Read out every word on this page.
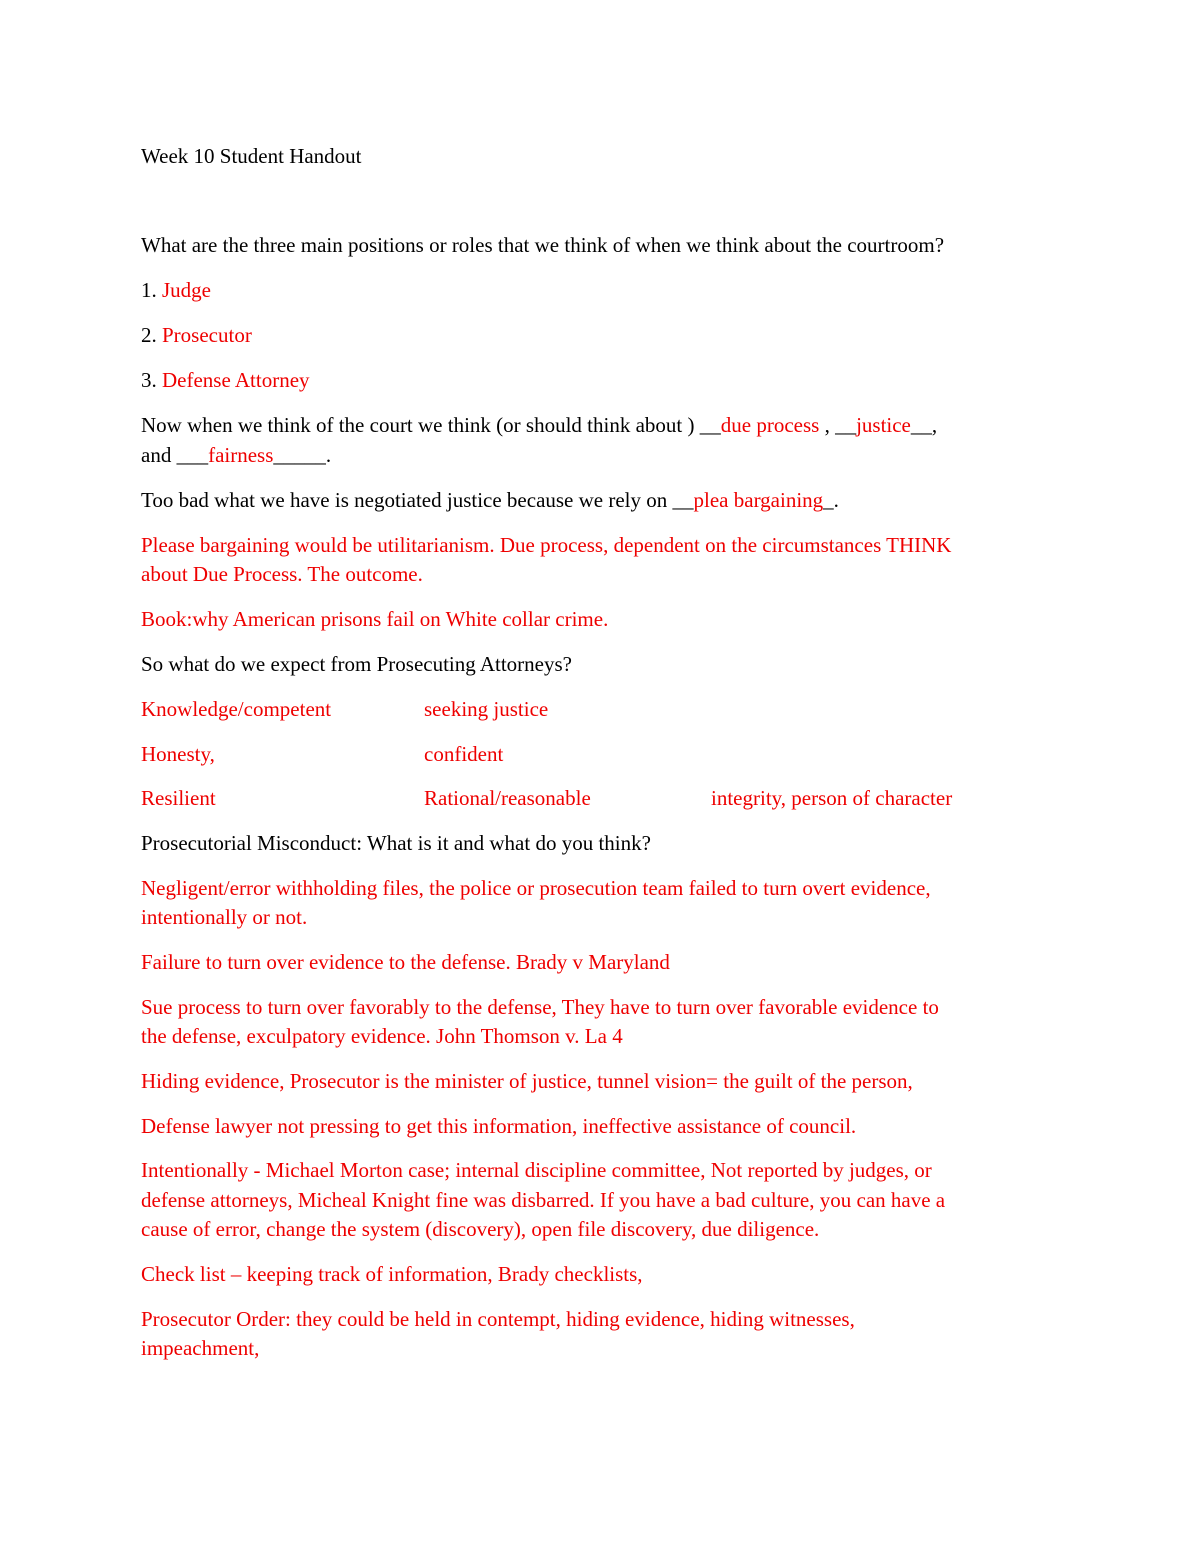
Week 10 Student Handout

What are the three main positions or roles that we think of when we think about the courtroom?

1. Judge

2. Prosecutor

3. Defense Attorney

Now when we think of the court we think (or should think about ) __due process , __justice__,

and ___fairness_____.

Too bad what we have is negotiated justice because we rely on __plea bargaining_.

Please bargaining would be utilitarianism. Due process, dependent on the circumstances THINK

about Due Process. The outcome.

Book:why American prisons fail on White collar crime.

So what do we expect from Prosecuting Attorneys?

Knowledge/competent	seeking justice
Honesty,	confident
Resilient	Rational/reasonable	integrity, person of character

Prosecutorial Misconduct: What is it and what do you think?

Negligent/error withholding files, the police or prosecution team failed to turn overt evidence,

intentionally or not.

Failure to turn over evidence to the defense. Brady v Maryland

Sue process to turn over favorably to the defense, They have to turn over favorable evidence to

the defense, exculpatory evidence. John Thomson v. La 4

Hiding evidence, Prosecutor is the minister of justice, tunnel vision= the guilt of the person,

Defense lawyer not pressing to get this information, ineffective assistance of council.

Intentionally - Michael Morton case; internal discipline committee, Not reported by judges, or

defense attorneys, Micheal Knight fine was disbarred. If you have a bad culture, you can have a

cause of error, change the system (discovery), open file discovery, due diligence.

Check list – keeping track of information, Brady checklists,

Prosecutor Order: they could be held in contempt, hiding evidence, hiding witnesses,

impeachment,
